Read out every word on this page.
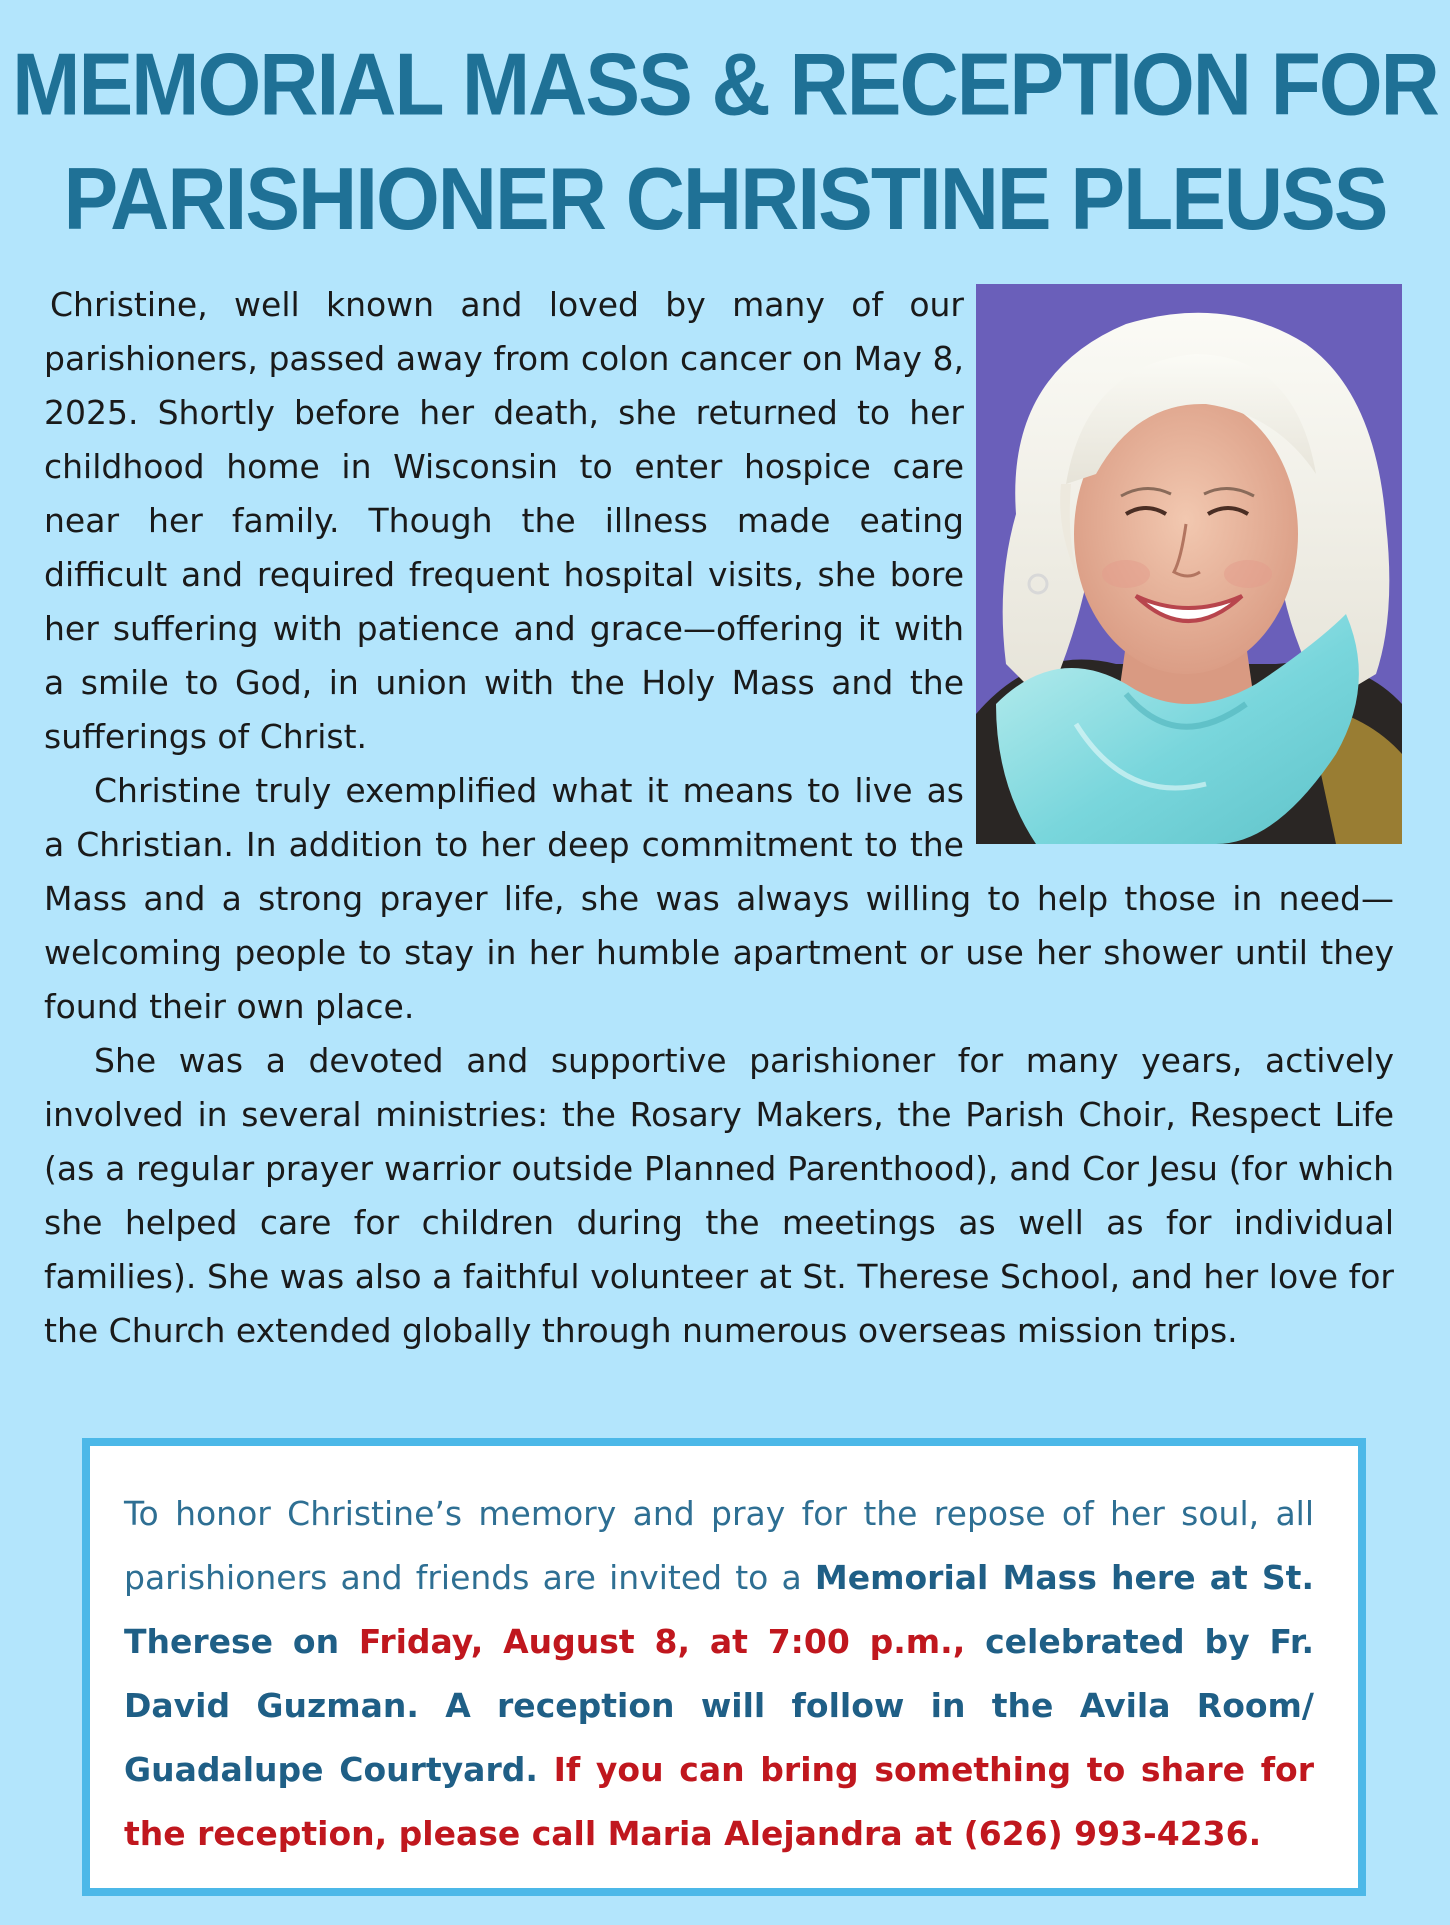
MEMORIAL MASS & RECEPTION FOR
PARISHIONER CHRISTINE PLEUSS

Christine, well known and loved by many of our parishioners, passed away from colon cancer on May 8, 2025. Shortly before her death, she returned to her childhood home in Wisconsin to enter hospice care near her family. Though the illness made eating difficult and required frequent hospital visits, she bore her suffering with patience and grace—offering it with a smile to God, in union with the Holy Mass and the sufferings of Christ.

Christine truly exemplified what it means to live as a Christian. In addition to her deep commitment to the Mass and a strong prayer life, she was always willing to help those in need—welcoming people to stay in her humble apartment or use her shower until they found their own place.

She was a devoted and supportive parishioner for many years, actively involved in several ministries: the Rosary Makers, the Parish Choir, Respect Life (as a regular prayer warrior outside Planned Parenthood), and Cor Jesu (for which she helped care for children during the meetings as well as for individual families). She was also a faithful volunteer at St. Therese School, and her love for the Church extended globally through numerous overseas mission trips.

To honor Christine’s memory and pray for the repose of her soul, all parishioners and friends are invited to a Memorial Mass here at St. Therese on Friday, August 8, at 7:00 p.m., celebrated by Fr. David Guzman. A reception will follow in the Avila Room/ Guadalupe Courtyard. If you can bring something to share for the reception, please call Maria Alejandra at (626) 993-4236.
